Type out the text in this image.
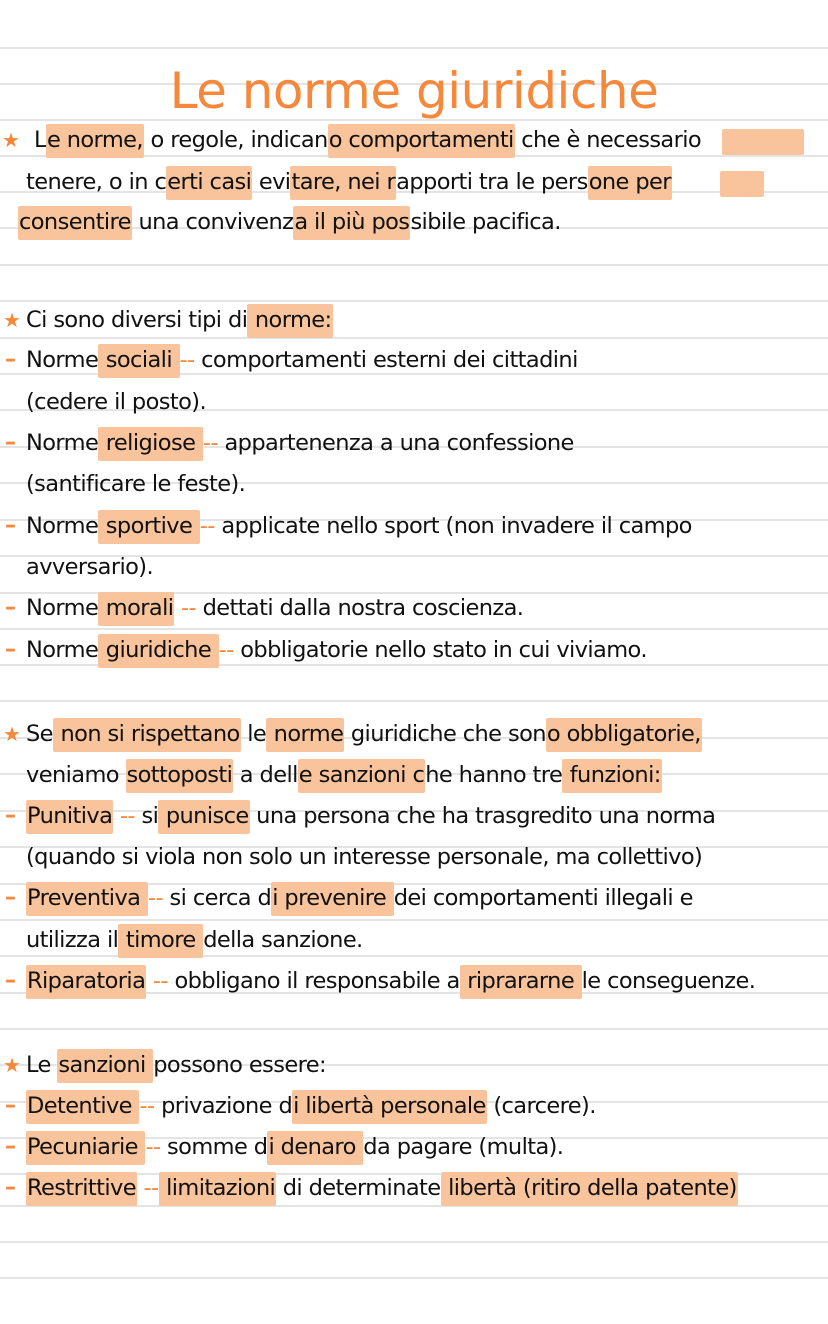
Le norme giuridiche
★ Le norme, o regole, indicano comportamenti che è necessario
tenere, o in certi casi evitare, nei rapporti tra le persone per
consentire una convivenza il più possibile pacifica.
★ Ci sono diversi tipi di norme:
– Norme sociali -- comportamenti esterni dei cittadini
(cedere il posto).
– Norme religiose -- appartenenza a una confessione
(santificare le feste).
– Norme sportive -- applicate nello sport (non invadere il campo
avversario).
– Norme morali -- dettati dalla nostra coscienza.
– Norme giuridiche -- obbligatorie nello stato in cui viviamo.
★ Se non si rispettano le norme giuridiche che sono obbligatorie,
veniamo sottoposti a delle sanzioni che hanno tre funzioni:
– Punitiva -- si punisce una persona che ha trasgredito una norma
(quando si viola non solo un interesse personale, ma collettivo)
– Preventiva -- si cerca di prevenire dei comportamenti illegali e
utilizza il timore della sanzione.
– Riparatoria -- obbligano il responsabile a riprararne le conseguenze.
★ Le sanzioni possono essere:
– Detentive -- privazione di libertà personale (carcere).
– Pecuniarie -- somme di denaro da pagare (multa).
– Restrittive -- limitazioni di determinate libertà (ritiro della patente)
